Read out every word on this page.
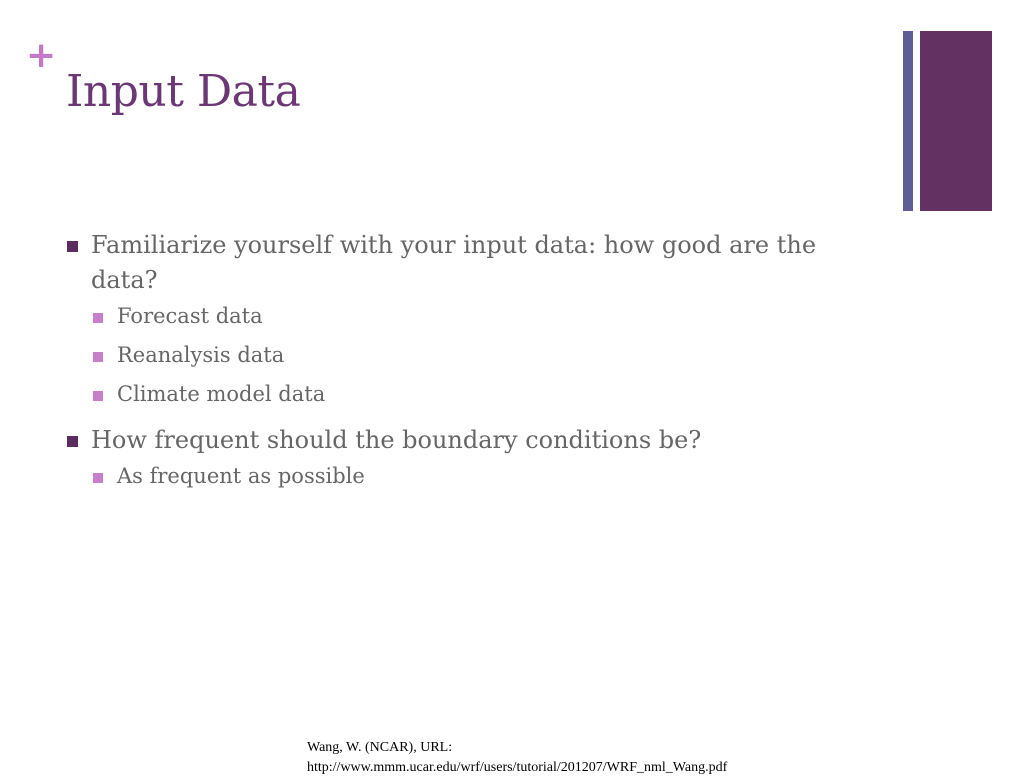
+
Input Data
Familiarize yourself with your input data: how good are the data?
Forecast data
Reanalysis data
Climate model data
How frequent should the boundary conditions be?
As frequent as possible
Wang, W. (NCAR), URL:
http://www.mmm.ucar.edu/wrf/users/tutorial/201207/WRF_nml_Wang.pdf
